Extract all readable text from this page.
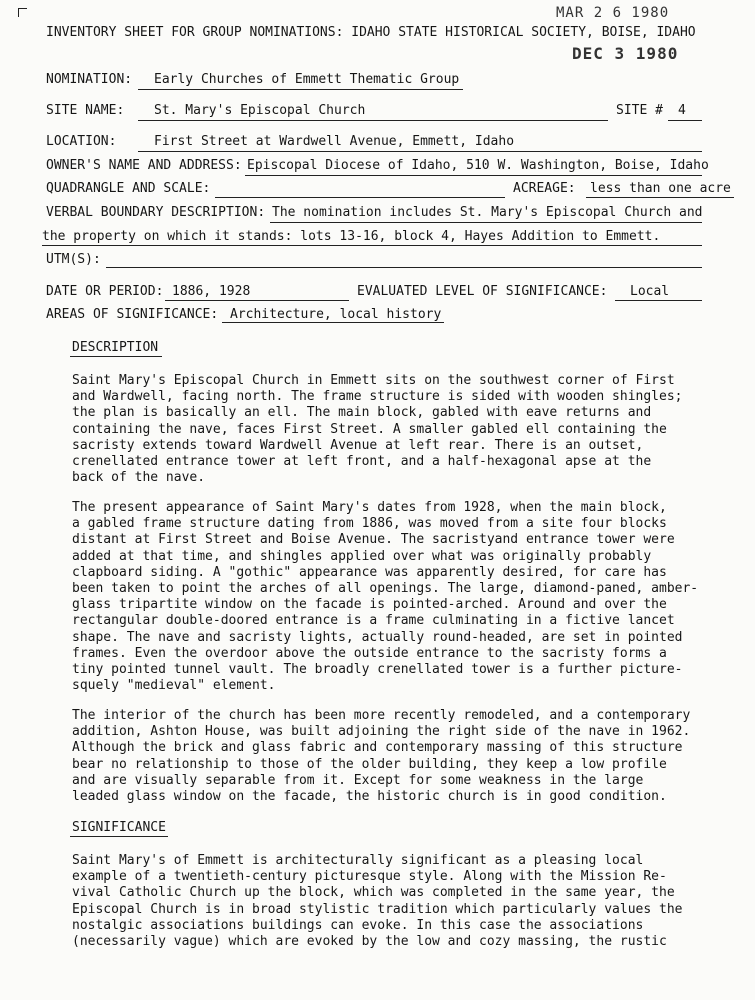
MAR 2 6 1980
DEC 3 1980
INVENTORY SHEET FOR GROUP NOMINATIONS: IDAHO STATE HISTORICAL SOCIETY, BOISE, IDAHO
NOMINATION: Early Churches of Emmett Thematic Group
SITE NAME: St. Mary's Episcopal Church	SITE # 4
LOCATION:	First Street at Wardwell Avenue, Emmett, Idaho
OWNER'S NAME AND ADDRESS: Episcopal Diocese of Idaho, 510 W. Washington, Boise, Idaho
QUADRANGLE AND SCALE:	ACREAGE: less than one acre
VERBAL BOUNDARY DESCRIPTION: The nomination includes St. Mary's Episcopal Church and
the property on which it stands: lots 13-16, block 4, Hayes Addition to Emmett.
UTM(S):
DATE OR PERIOD: 1886, 1928	EVALUATED LEVEL OF SIGNIFICANCE: Local
AREAS OF SIGNIFICANCE: Architecture, local history
DESCRIPTION

Saint Mary's Episcopal Church in Emmett sits on the southwest corner of First

and Wardwell, facing north. The frame structure is sided with wooden shingles;

the plan is basically an ell. The main block, gabled with eave returns and

containing the nave, faces First Street. A smaller gabled ell containing the

sacristy extends toward Wardwell Avenue at left rear. There is an outset,

crenellated entrance tower at left front, and a half-hexagonal apse at the

back of the nave.

The present appearance of Saint Mary's dates from 1928, when the main block,

a gabled frame structure dating from 1886, was moved from a site four blocks

distant at First Street and Boise Avenue. The sacristyand entrance tower were

added at that time, and shingles applied over what was originally probably

clapboard siding. A "gothic" appearance was apparently desired, for care has

been taken to point the arches of all openings. The large, diamond-paned, amber-

glass tripartite window on the facade is pointed-arched. Around and over the

rectangular double-doored entrance is a frame culminating in a fictive lancet

shape. The nave and sacristy lights, actually round-headed, are set in pointed

frames. Even the overdoor above the outside entrance to the sacristy forms a

tiny pointed tunnel vault. The broadly crenellated tower is a further picture-

squely "medieval" element.

The interior of the church has been more recently remodeled, and a contemporary

addition, Ashton House, was built adjoining the right side of the nave in 1962.

Although the brick and glass fabric and contemporary massing of this structure

bear no relationship to those of the older building, they keep a low profile

and are visually separable from it. Except for some weakness in the large

leaded glass window on the facade, the historic church is in good condition.

SIGNIFICANCE

Saint Mary's of Emmett is architecturally significant as a pleasing local

example of a twentieth-century picturesque style. Along with the Mission Re-

vival Catholic Church up the block, which was completed in the same year, the

Episcopal Church is in broad stylistic tradition which particularly values the

nostalgic associations buildings can evoke. In this case the associations

(necessarily vague) which are evoked by the low and cozy massing, the rustic
